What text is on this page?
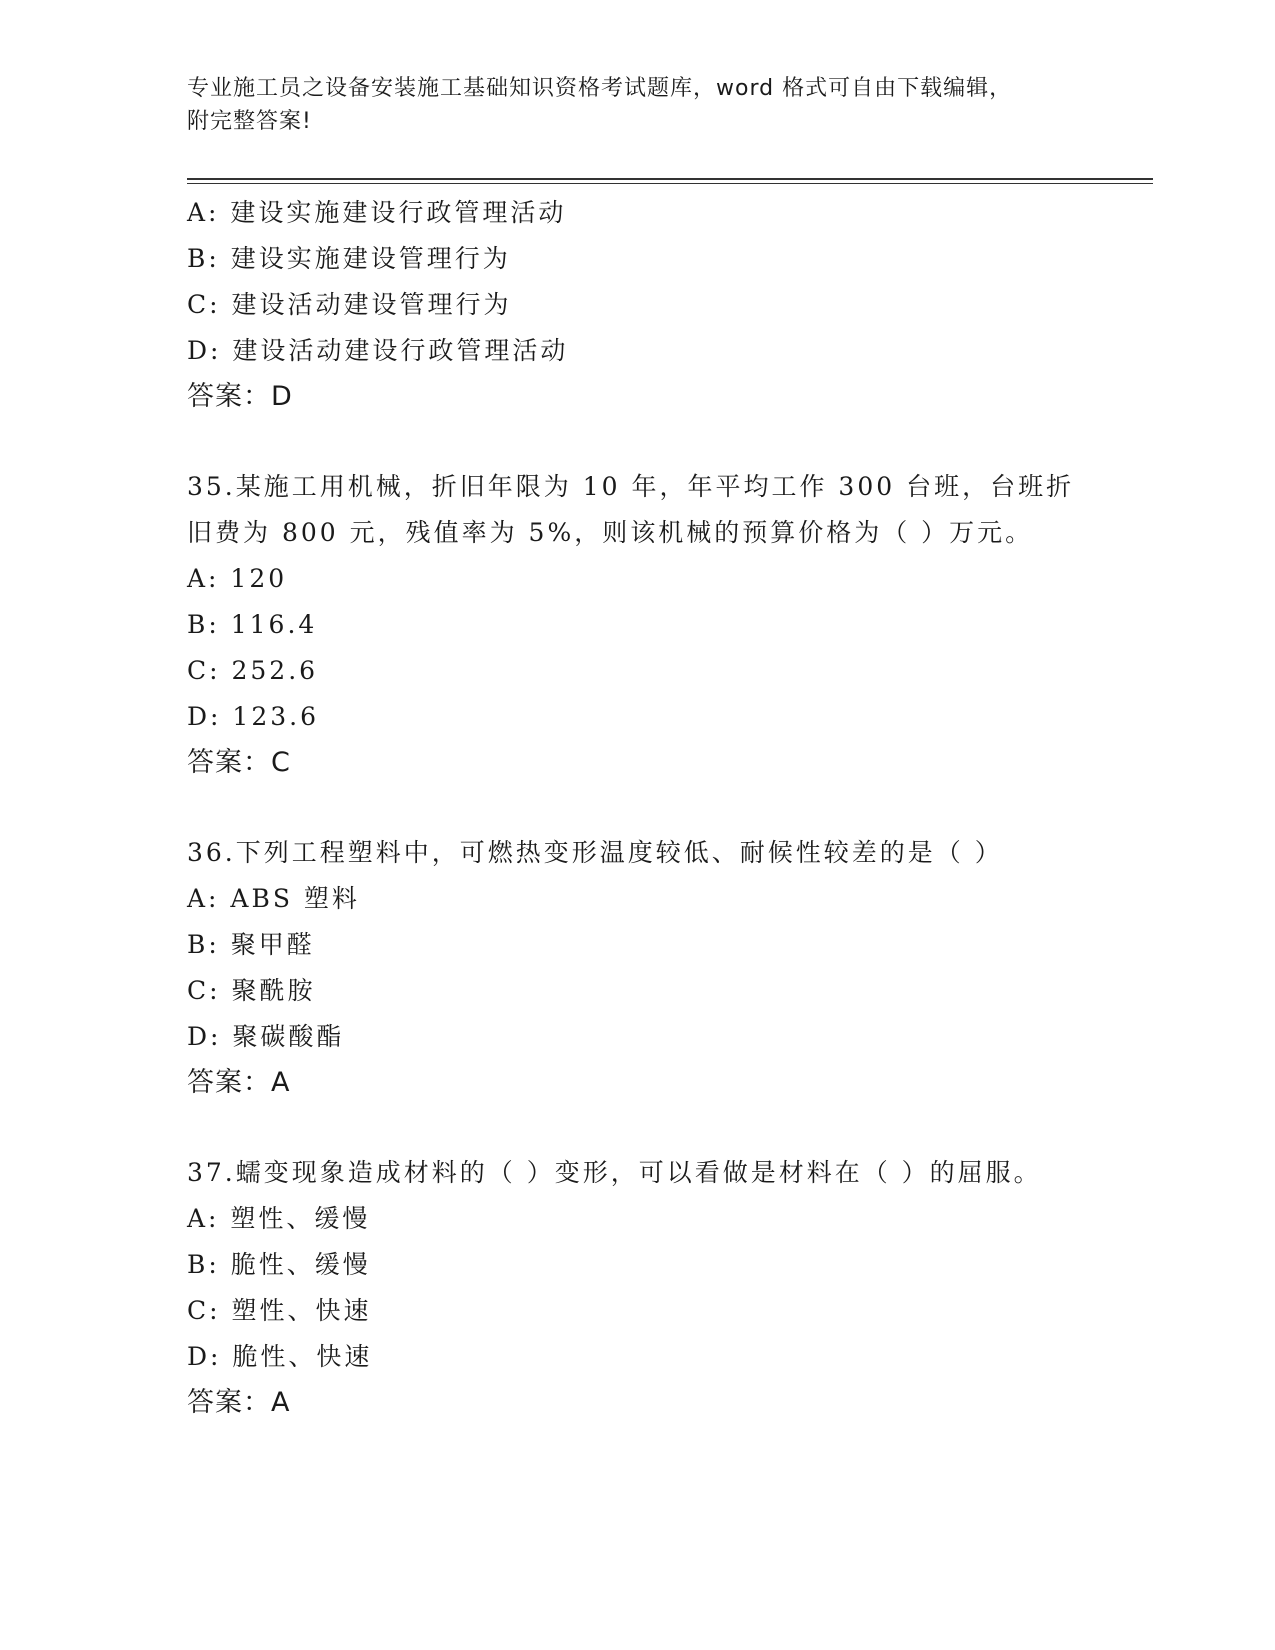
专业施工员之设备安装施工基础知识资格考试题库，word 格式可自由下载编辑，
附完整答案!
A: 建设实施建设行政管理活动
B: 建设实施建设管理行为
C: 建设活动建设管理行为
D: 建设活动建设行政管理活动
答案：D
35.某施工用机械，折旧年限为 10 年，年平均工作 300 台班，台班折
旧费为 800 元，残值率为 5%，则该机械的预算价格为（ ）万元。
A: 120
B: 116.4
C: 252.6
D: 123.6
答案：C
36.下列工程塑料中，可燃热变形温度较低、耐候性较差的是（ ）
A: ABS 塑料
B: 聚甲醛
C: 聚酰胺
D: 聚碳酸酯
答案：A
37.蠕变现象造成材料的（ ）变形，可以看做是材料在（ ）的屈服。
A: 塑性、缓慢
B: 脆性、缓慢
C: 塑性、快速
D: 脆性、快速
答案：A
